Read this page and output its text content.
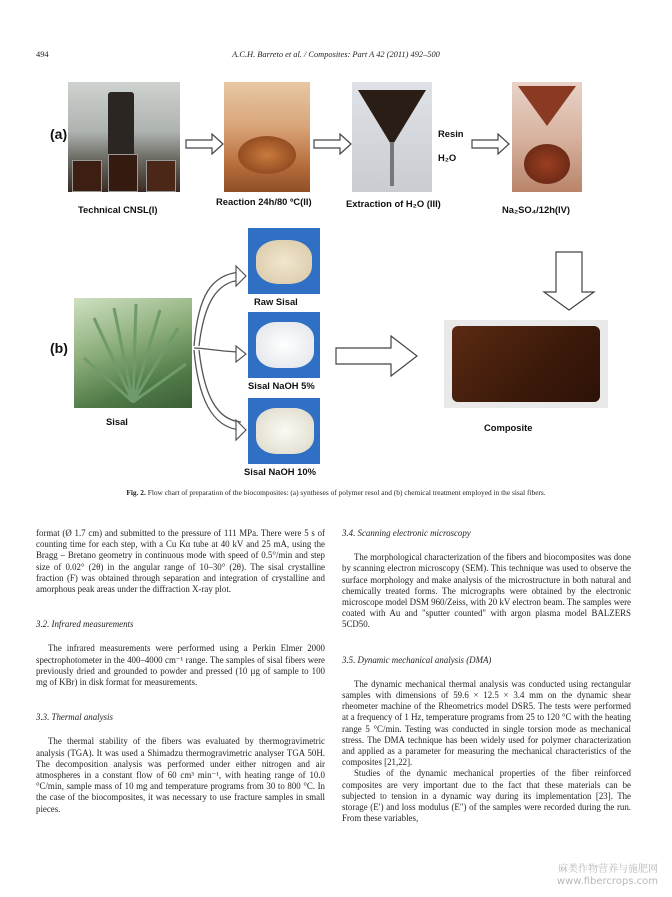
494	A.C.H. Barreto et al. / Composites: Part A 42 (2011) 492–500
(a)
(b)
Technical CNSL(I)
Reaction 24h/80 ºC(II)	Extraction of H₂O (III)
Na₂SO₄/12h(IV)
Resin
H₂O
Raw Sisal
Sisal NaOH 5%
Sisal NaOH 10%
Sisal
Composite
Fig. 2. Flow chart of preparation of the biocomposites: (a) syntheses of polymer resol and (b) chemical treatment employed in the sisal fibers.

format (Ø 1.7 cm) and submitted to the pressure of 111 MPa. There were 5 s of counting time for each step, with a Cu Kα tube at 40 kV and 25 mA, using the Bragg – Bretano geometry in continuous mode with speed of 0.5°/min and step size of 0.02° (2θ) in the angular range of 10–30° (2θ). The sisal crystalline fraction (F) was obtained through separation and integration of crystalline and amorphous peak areas under the diffraction X-ray plot.

3.2. Infrared measurements

The infrared measurements were performed using a Perkin Elmer 2000 spectrophotometer in the 400–4000 cm⁻¹ range. The samples of sisal fibers were previously dried and grounded to powder and pressed (10 µg of sample to 100 mg of KBr) in disk format for measurements.

3.3. Thermal analysis

The thermal stability of the fibers was evaluated by thermogravimetric analysis (TGA). It was used a Shimadzu thermogravimetric analyser TGA 50H. The decomposition analysis was performed under either nitrogen and air atmospheres in a constant flow of 60 cm³ min⁻¹, with heating range of 10.0 °C/min, sample mass of 10 mg and temperature programs from 30 to 800 °C. In the case of the biocomposites, it was necessary to use fracture samples in small pieces.

3.4. Scanning electronic microscopy

The morphological characterization of the fibers and biocomposites was done by scanning electron microscopy (SEM). This technique was used to observe the surface morphology and make analysis of the microstructure in both natural and chemically treated forms. The micrographs were obtained by the electronic microscope model DSM 960/Zeiss, with 20 kV electron beam. The samples were coated with Au and "sputter counted" with argon plasma model BALZERS 5CD50.

3.5. Dynamic mechanical analysis (DMA)

The dynamic mechanical thermal analysis was conducted using rectangular samples with dimensions of 59.6 × 12.5 × 3.4 mm on the dynamic shear rheometer machine of the Rheometrics model DSR5. The tests were performed at a frequency of 1 Hz, temperature programs from 25 to 120 °C with the heating range 5 °C/min. Testing was conducted in single torsion mode as mechanical stress. The DMA technique has been widely used for polymer characterization and applied as a parameter for measuring the mechanical characteristics of the composites [21,22].

Studies of the dynamic mechanical properties of the fiber reinforced composites are very important due to the fact that these materials can be subjected to tension in a dynamic way during its implementation [23]. The storage (E′) and loss modulus (E″) of the samples were recorded during the run. From these variables,

麻类作物营养与施肥网
www.fibercrops.com
